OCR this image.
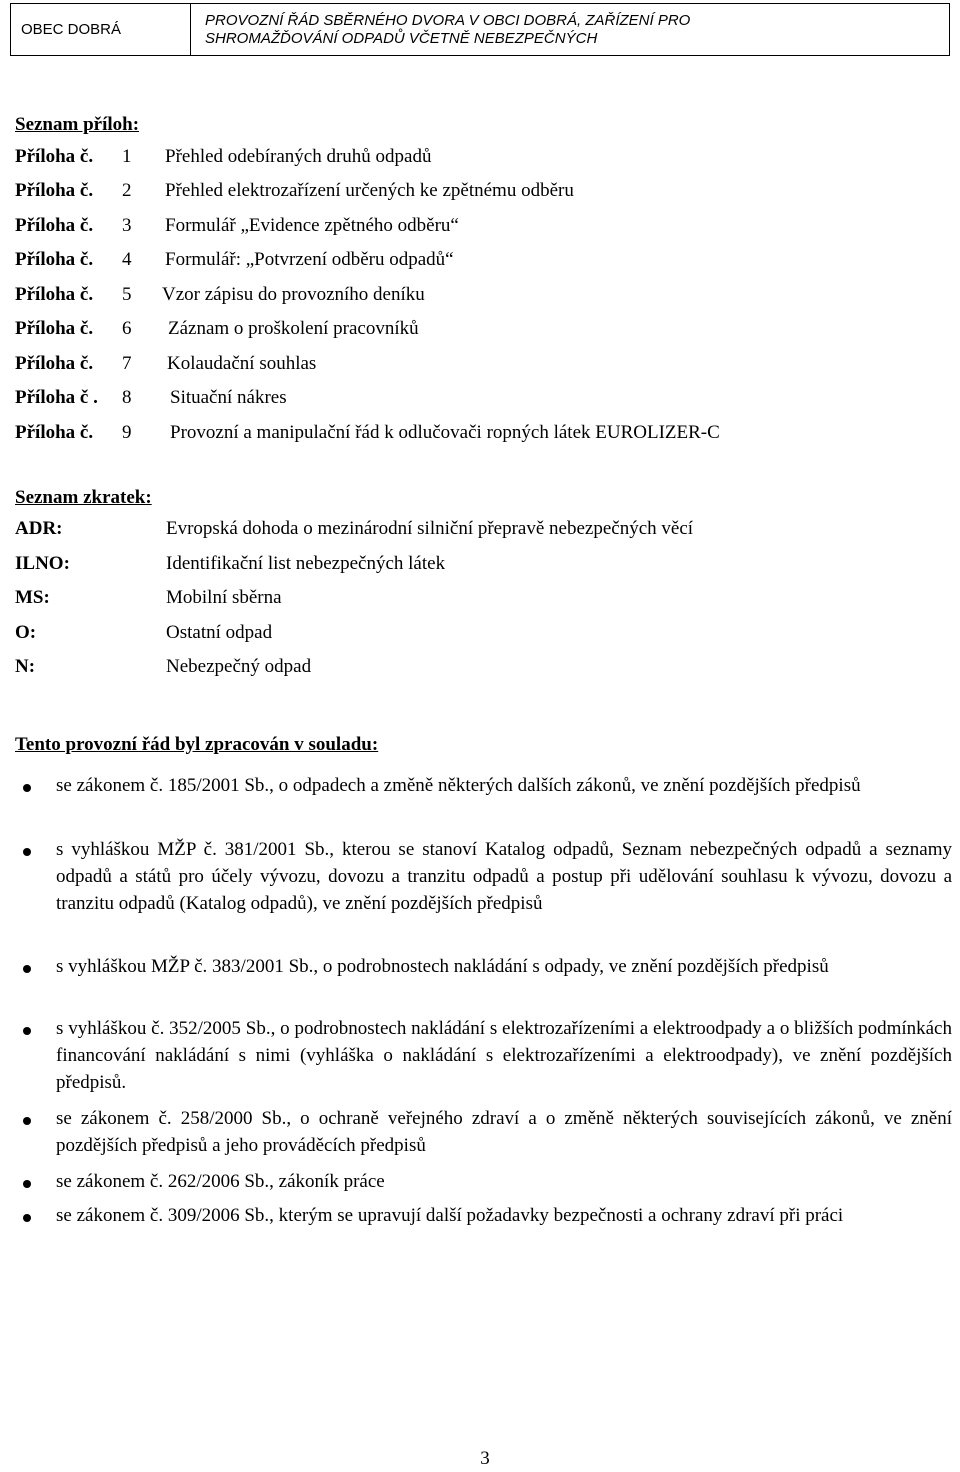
OBEC DOBRÁ
PROVOZNÍ ŘÁD SBĚRNÉHO DVORA V OBCI DOBRÁ, ZAŘÍZENÍ PRO
SHROMAŽĎOVÁNÍ ODPADŮ VČETNĚ NEBEZPEČNÝCH
Seznam příloh:
Příloha č. 1 Přehled odebíraných druhů odpadů
Příloha č. 2 Přehled elektrozařízení určených ke zpětnému odběru
Příloha č. 3 Formulář „Evidence zpětného odběru“
Příloha č. 4 Formulář: „Potvrzení odběru odpadů“
Příloha č. 5 Vzor zápisu do provozního deníku
Příloha č. 6 Záznam o proškolení pracovníků
Příloha č. 7 Kolaudační souhlas
Příloha č . 8 Situační nákres
Příloha č. 9 Provozní a manipulační řád k odlučovači ropných látek EUROLIZER-C
Seznam zkratek:
ADR:	Evropská dohoda o mezinárodní silniční přepravě nebezpečných věcí
ILNO:	Identifikační list nebezpečných látek
MS:	Mobilní sběrna
O:	Ostatní odpad
N:	Nebezpečný odpad
Tento provozní řád byl zpracován v souladu:
se zákonem č. 185/2001 Sb., o odpadech a změně některých dalších zákonů, ve znění pozdějších předpisů
s vyhláškou MŽP č. 381/2001 Sb., kterou se stanoví Katalog odpadů, Seznam nebezpečných odpadů a seznamy odpadů a států pro účely vývozu, dovozu a tranzitu odpadů a postup při udělování souhlasu k vývozu, dovozu a tranzitu odpadů (Katalog odpadů), ve znění pozdějších předpisů
s vyhláškou MŽP č. 383/2001 Sb., o podrobnostech nakládání s odpady, ve znění pozdějších předpisů
s vyhláškou č. 352/2005 Sb., o podrobnostech nakládání s elektrozařízeními a elektroodpady a o bližších podmínkách financování nakládání s nimi (vyhláška o nakládání s elektrozařízeními a elektroodpady), ve znění pozdějších předpisů.
se zákonem č. 258/2000 Sb., o ochraně veřejného zdraví a o změně některých souvisejících zákonů, ve znění pozdějších předpisů a jeho prováděcích předpisů
se zákonem č. 262/2006 Sb., zákoník práce
se zákonem č. 309/2006 Sb., kterým se upravují další požadavky bezpečnosti a ochrany zdraví při práci
3
